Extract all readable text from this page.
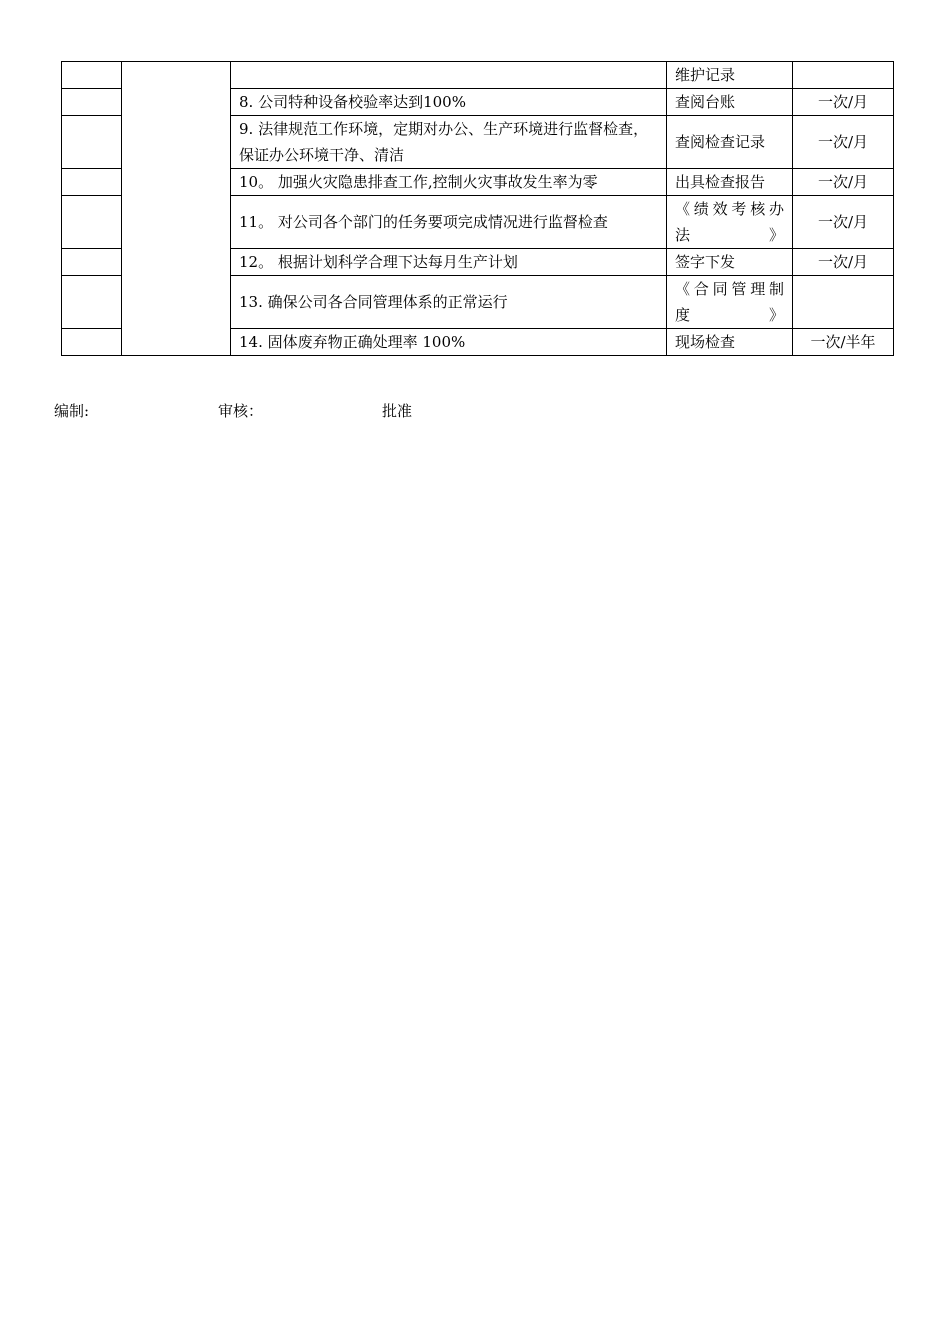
			维护记录	
		8. 公司特种设备校验率达到100%	查阅台账	一次/月
		9. 法律规范工作环境，定期对办公、生产环境进行监督检查，保证办公环境干净、清洁	查阅检查记录	一次/月
		10。 加强火灾隐患排查工作,控制火灾事故发生率为零	出具检查报告	一次/月
		11。 对公司各个部门的任务要项完成情况进行监督检查	《绩效考核办法》	一次/月
		12。 根据计划科学合理下达每月生产计划	签字下发	一次/月
		13. 确保公司各合同管理体系的正常运行	《合同管理制度》	
		14. 固体废弃物正确处理率 100%	现场检查	一次/半年
编制:	审核：	批准
